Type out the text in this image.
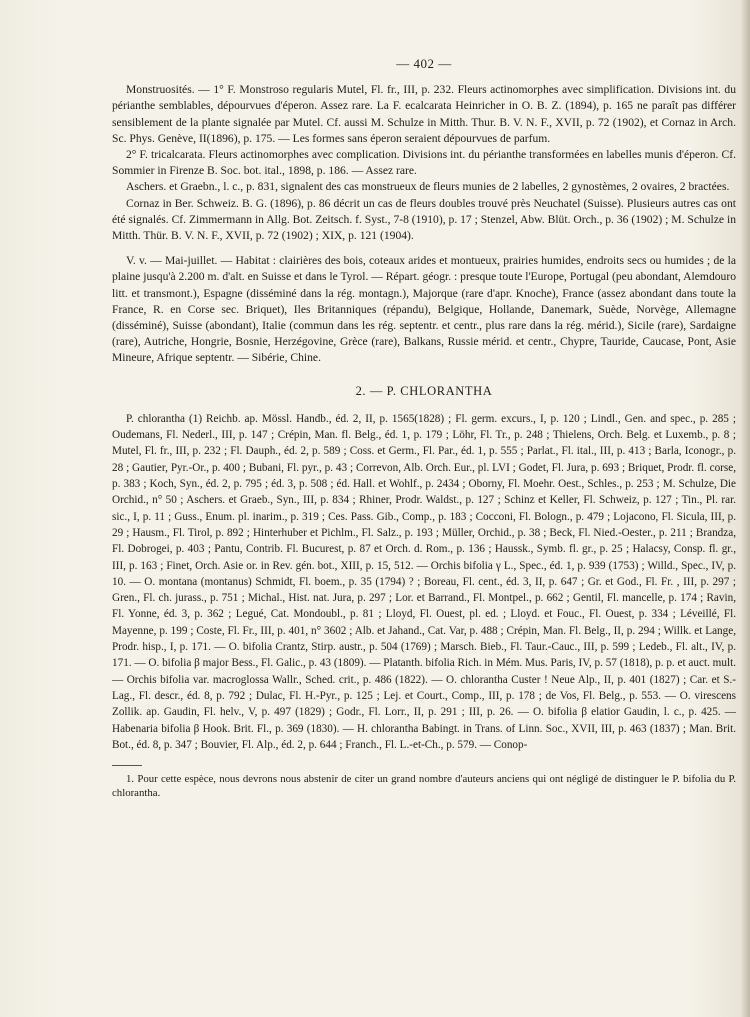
— 402 —

Monstruosités. — 1° F. Monstroso regularis Mutel, Fl. fr., III, p. 232. Fleurs actinomorphes avec simplification. Divisions int. du périanthe semblables, dépourvues d'éperon. Assez rare. La F. ecalcarata Heinricher in O. B. Z. (1894), p. 165 ne paraît pas différer sensiblement de la plante signalée par Mutel. Cf. aussi M. Schulze in Mitth. Thur. B. V. N. F., XVII, p. 72 (1902), et Cornaz in Arch. Sc. Phys. Genève, II(1896), p. 175. — Les formes sans éperon seraient dépourvues de parfum.

2° F. tricalcarata. Fleurs actinomorphes avec complication. Divisions int. du périanthe transformées en labelles munis d'éperon. Cf. Sommier in Firenze B. Soc. bot. ital., 1898, p. 186. — Assez rare.

Aschers. et Graebn., l. c., p. 831, signalent des cas monstrueux de fleurs munies de 2 labelles, 2 gynostèmes, 2 ovaires, 2 bractées.

Cornaz in Ber. Schweiz. B. G. (1896), p. 86 décrit un cas de fleurs doubles trouvé près Neuchatel (Suisse). Plusieurs autres cas ont été signalés. Cf. Zimmermann in Allg. Bot. Zeitsch. f. Syst., 7-8 (1910), p. 17 ; Stenzel, Abw. Blüt. Orch., p. 36 (1902) ; M. Schulze in Mitth. Thür. B. V. N. F., XVII, p. 72 (1902) ; XIX, p. 121 (1904).

V. v. — Mai-juillet. — Habitat : clairières des bois, coteaux arides et montueux, prairies humides, endroits secs ou humides ; de la plaine jusqu'à 2.200 m. d'alt. en Suisse et dans le Tyrol. — Répart. géogr. : presque toute l'Europe, Portugal (peu abondant, Alemdouro litt. et transmont.), Espagne (disséminé dans la rég. montagn.), Majorque (rare d'apr. Knoche), France (assez abondant dans toute la France, R. en Corse sec. Briquet), Iles Britanniques (répandu), Belgique, Hollande, Danemark, Suède, Norvège, Allemagne (disséminé), Suisse (abondant), Italie (commun dans les rég. septentr. et centr., plus rare dans la rég. mérid.), Sicile (rare), Sardaigne (rare), Autriche, Hongrie, Bosnie, Herzégovine, Grèce (rare), Balkans, Russie mérid. et centr., Chypre, Tauride, Caucase, Pont, Asie Mineure, Afrique septentr. — Sibérie, Chine.

2. — P. CHLORANTHA

P. chlorantha (1) Reichb. ap. Mössl. Handb., éd. 2, II, p. 1565(1828) ; Fl. germ. excurs., I, p. 120 ; Lindl., Gen. and spec., p. 285 ; Oudemans, Fl. Nederl., III, p. 147 ; Crépin, Man. fl. Belg., éd. 1, p. 179 ; Löhr, Fl. Tr., p. 248 ; Thielens, Orch. Belg. et Luxemb., p. 8 ; Mutel, Fl. fr., III, p. 232 ; Fl. Dauph., éd. 2, p. 589 ; Coss. et Germ., Fl. Par., éd. 1, p. 555 ; Parlat., Fl. ital., III, p. 413 ; Barla, Iconogr., p. 28 ; Gautier, Pyr.-Or., p. 400 ; Bubani, Fl. pyr., p. 43 ; Correvon, Alb. Orch. Eur., pl. LVI ; Godet, Fl. Jura, p. 693 ; Briquet, Prodr. fl. corse, p. 383 ; Koch, Syn., éd. 2, p. 795 ; éd. 3, p. 508 ; éd. Hall. et Wohlf., p. 2434 ; Oborny, Fl. Moehr. Oest., Schles., p. 253 ; M. Schulze, Die Orchid., n° 50 ; Aschers. et Graeb., Syn., III, p. 834 ; Rhiner, Prodr. Waldst., p. 127 ; Schinz et Keller, Fl. Schweiz, p. 127 ; Tin., Pl. rar. sic., I, p. 11 ; Guss., Enum. pl. inarim., p. 319 ; Ces. Pass. Gib., Comp., p. 183 ; Cocconi, Fl. Bologn., p. 479 ; Lojacono, Fl. Sicula, III, p. 29 ; Hausm., Fl. Tirol, p. 892 ; Hinterhuber et Pichlm., Fl. Salz., p. 193 ; Müller, Orchid., p. 38 ; Beck, Fl. Nied.-Oester., p. 211 ; Brandza, Fl. Dobrogei, p. 403 ; Pantu, Contrib. Fl. Bucurest, p. 87 et Orch. d. Rom., p. 136 ; Haussk., Symb. fl. gr., p. 25 ; Halacsy, Consp. fl. gr., III, p. 163 ; Finet, Orch. Asie or. in Rev. gén. bot., XIII, p. 15, 512. — Orchis bifolia γ L., Spec., éd. 1, p. 939 (1753) ; Willd., Spec., IV, p. 10. — O. montana (montanus) Schmidt, Fl. boem., p. 35 (1794) ? ; Boreau, Fl. cent., éd. 3, II, p. 647 ; Gr. et God., Fl. Fr. , III, p. 297 ; Gren., Fl. ch. jurass., p. 751 ; Michal., Hist. nat. Jura, p. 297 ; Lor. et Barrand., Fl. Montpel., p. 662 ; Gentil, Fl. mancelle, p. 174 ; Ravin, Fl. Yonne, éd. 3, p. 362 ; Legué, Cat. Mondoubl., p. 81 ; Lloyd, Fl. Ouest, pl. ed. ; Lloyd. et Fouc., Fl. Ouest, p. 334 ; Léveillé, Fl. Mayenne, p. 199 ; Coste, Fl. Fr., III, p. 401, n° 3602 ; Alb. et Jahand., Cat. Var, p. 488 ; Crépin, Man. Fl. Belg., II, p. 294 ; Willk. et Lange, Prodr. hisp., I, p. 171. — O. bifolia Crantz, Stirp. austr., p. 504 (1769) ; Marsch. Bieb., Fl. Taur.-Cauc., III, p. 599 ; Ledeb., Fl. alt., IV, p. 171. — O. bifolia β major Bess., Fl. Galic., p. 43 (1809). — Platanth. bifolia Rich. in Mém. Mus. Paris, IV, p. 57 (1818), p. p. et auct. mult. — Orchis bifolia var. macroglossa Wallr., Sched. crit., p. 486 (1822). — O. chlorantha Custer ! Neue Alp., II, p. 401 (1827) ; Car. et S.-Lag., Fl. descr., éd. 8, p. 792 ; Dulac, Fl. H.-Pyr., p. 125 ; Lej. et Court., Comp., III, p. 178 ; de Vos, Fl. Belg., p. 553. — O. virescens Zollik. ap. Gaudin, Fl. helv., V, p. 497 (1829) ; Godr., Fl. Lorr., II, p. 291 ; III, p. 26. — O. bifolia β elatior Gaudin, l. c., p. 425. — Habenaria bifolia β Hook. Brit. Fl., p. 369 (1830). — H. chlorantha Babingt. in Trans. of Linn. Soc., XVII, III, p. 463 (1837) ; Man. Brit. Bot., éd. 8, p. 347 ; Bouvier, Fl. Alp., éd. 2, p. 644 ; Franch., Fl. L.-et-Ch., p. 579. — Conop-

1. Pour cette espèce, nous devrons nous abstenir de citer un grand nombre d'auteurs anciens qui ont négligé de distinguer le P. bifolia du P. chlorantha.
